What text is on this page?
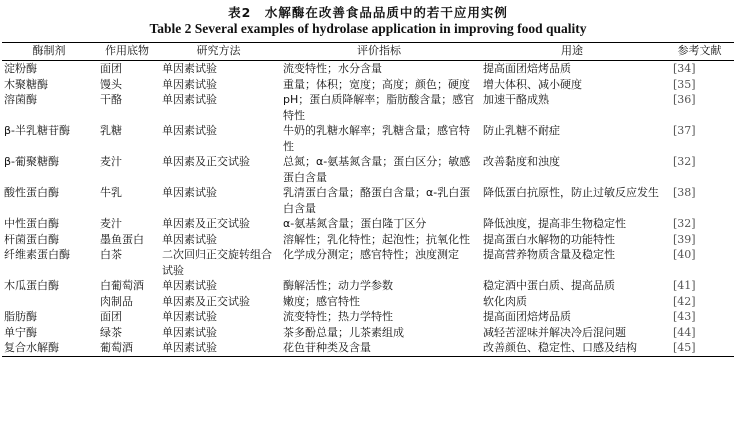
表2　水解酶在改善食品品质中的若干应用实例
Table 2 Several examples of hydrolase application in improving food quality
酶制剂	作用底物	研究方法	评价指标	用途	参考文献
淀粉酶	面团	单因素试验	流变特性；水分含量	提高面团焙烤品质	[34]
木聚糖酶	馒头	单因素试验	重量；体积；宽度；高度；颜色；硬度	增大体积、减小硬度	[35]
溶菌酶	干酪	单因素试验	pH；蛋白质降解率；脂肪酸含量；感官特性	加速干酪成熟	[36]
β-半乳糖苷酶	乳糖	单因素试验	牛奶的乳糖水解率；乳糖含量；感官特性	防止乳糖不耐症	[37]
β-葡聚糖酶	麦汁	单因素及正交试验	总氮；α-氨基氮含量；蛋白区分；敏感蛋白含量	改善黏度和浊度	[32]
酸性蛋白酶	牛乳	单因素试验	乳清蛋白含量；酪蛋白含量；α-乳白蛋白含量	降低蛋白抗原性，防止过敏反应发生	[38]
中性蛋白酶	麦汁	单因素及正交试验	α-氨基氮含量；蛋白隆丁区分	降低浊度，提高非生物稳定性	[32]
杆菌蛋白酶	墨鱼蛋白	单因素试验	溶解性；乳化特性；起泡性；抗氧化性	提高蛋白水解物的功能特性	[39]
纤维素蛋白酶	白茶	二次回归正交旋转组合试验	化学成分测定；感官特性；浊度测定	提高营养物质含量及稳定性	[40]
木瓜蛋白酶	白葡萄酒	单因素试验	酶解活性；动力学参数	稳定酒中蛋白质、提高品质	[41]
	肉制品	单因素及正交试验	嫩度；感官特性	软化肉质	[42]
脂肪酶	面团	单因素试验	流变特性；热力学特性	提高面团焙烤品质	[43]
单宁酶	绿茶	单因素试验	茶多酚总量；儿茶素组成	减轻苦涩味并解决冷后混问题	[44]
复合水解酶	葡萄酒	单因素试验	花色苷种类及含量	改善颜色、稳定性、口感及结构	[45]
